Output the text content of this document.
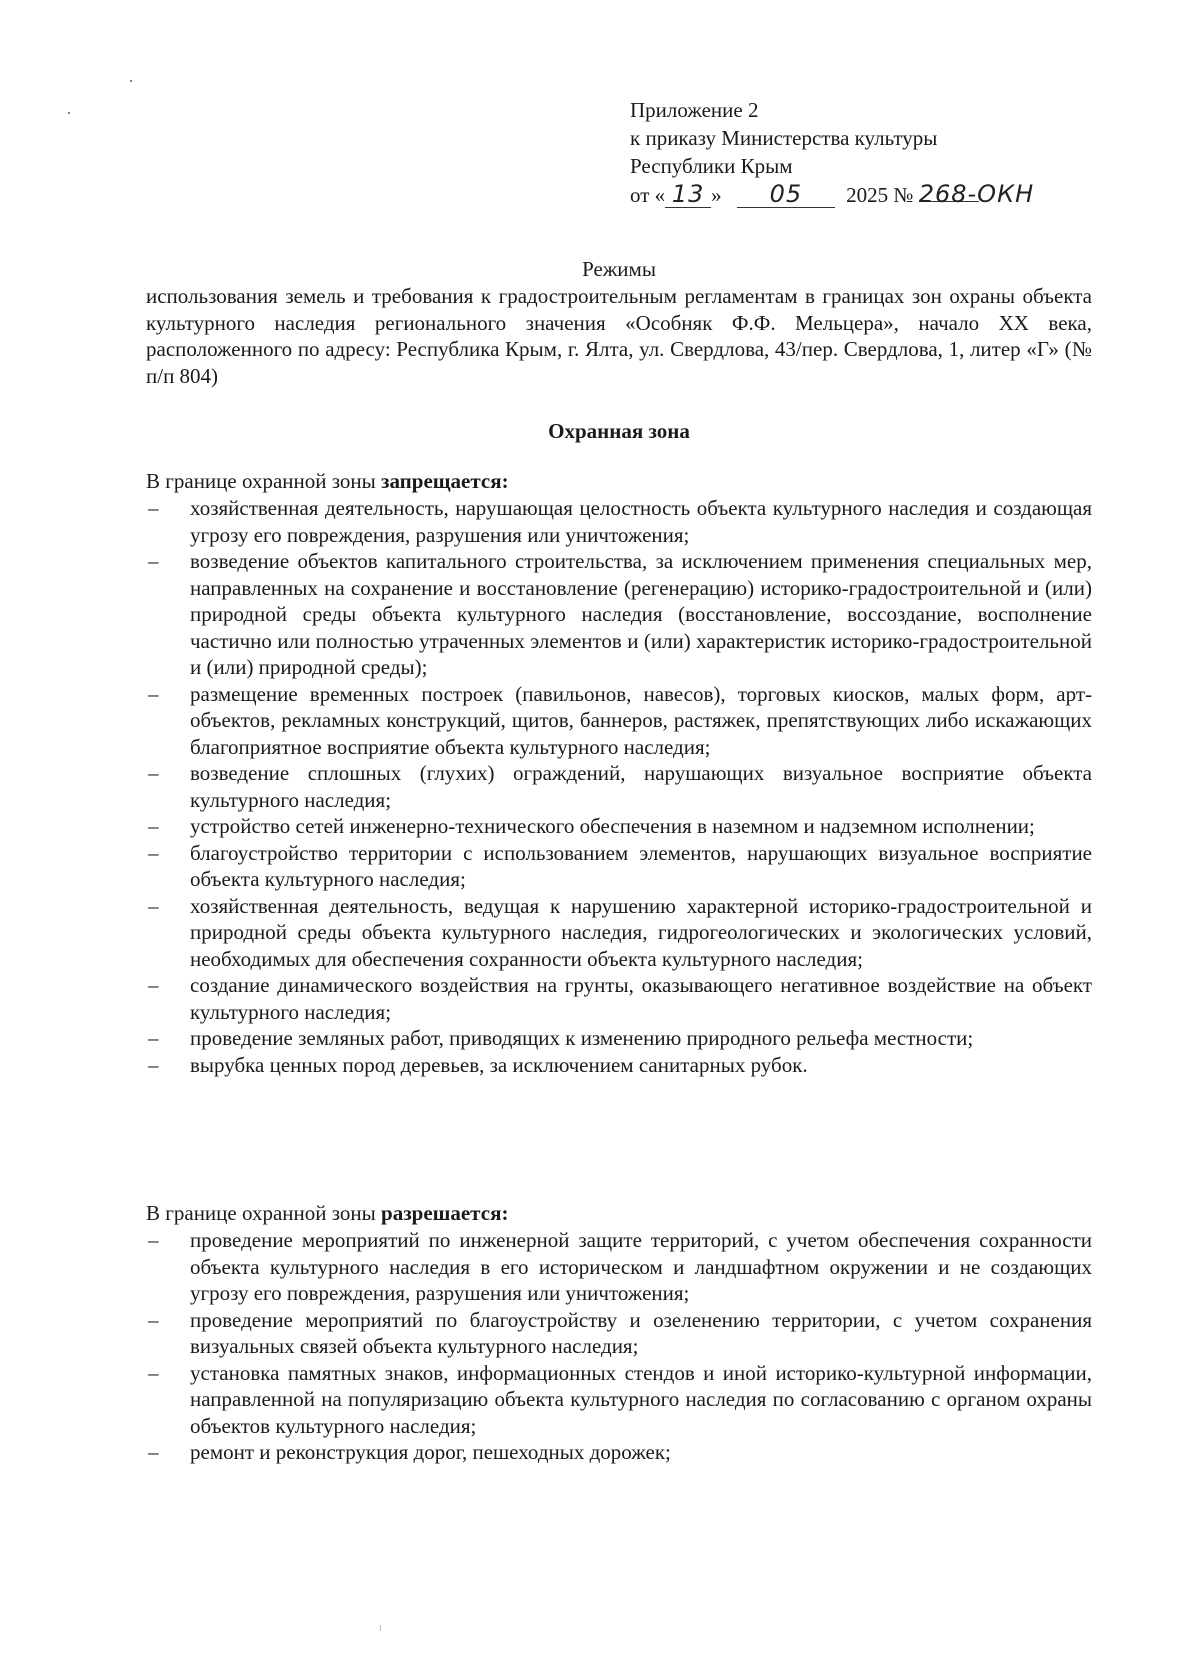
Приложение 2
к приказу Министерства культуры
Республики Крым
от « 13 » 05 2025 № 268-ОКН
Режимы

использования земель и требования к градостроительным регламентам в границах зон охраны объекта культурного наследия регионального значения «Особняк Ф.Ф. Мельцера», начало XX века, расположенного по адресу: Республика Крым, г. Ялта, ул. Свердлова, 43/пер. Свердлова, 1, литер «Г» (№ п/п 804)

Охранная зона
В границе охранной зоны запрещается:
– хозяйственная деятельность, нарушающая целостность объекта культурного наследия и создающая угрозу его повреждения, разрушения или уничтожения;
– возведение объектов капитального строительства, за исключением применения специальных мер, направленных на сохранение и восстановление (регенерацию) историко-градостроительной и (или) природной среды объекта культурного наследия (восстановление, воссоздание, восполнение частично или полностью утраченных элементов и (или) характеристик историко-градостроительной и (или) природной среды);
– размещение временных построек (павильонов, навесов), торговых киосков, малых форм, арт-объектов, рекламных конструкций, щитов, баннеров, растяжек, препятствующих либо искажающих благоприятное восприятие объекта культурного наследия;
– возведение сплошных (глухих) ограждений, нарушающих визуальное восприятие объекта культурного наследия;
– устройство сетей инженерно-технического обеспечения в наземном и надземном исполнении;
– благоустройство территории с использованием элементов, нарушающих визуальное восприятие объекта культурного наследия;
– хозяйственная деятельность, ведущая к нарушению характерной историко-градостроительной и природной среды объекта культурного наследия, гидрогеологических и экологических условий, необходимых для обеспечения сохранности объекта культурного наследия;
– создание динамического воздействия на грунты, оказывающего негативное воздействие на объект культурного наследия;
– проведение земляных работ, приводящих к изменению природного рельефа местности;
– вырубка ценных пород деревьев, за исключением санитарных рубок.
В границе охранной зоны разрешается:
– проведение мероприятий по инженерной защите территорий, с учетом обеспечения сохранности объекта культурного наследия в его историческом и ландшафтном окружении и не создающих угрозу его повреждения, разрушения или уничтожения;
– проведение мероприятий по благоустройству и озеленению территории, с учетом сохранения визуальных связей объекта культурного наследия;
– установка памятных знаков, информационных стендов и иной историко-культурной информации, направленной на популяризацию объекта культурного наследия по согласованию с органом охраны объектов культурного наследия;
– ремонт и реконструкция дорог, пешеходных дорожек;
